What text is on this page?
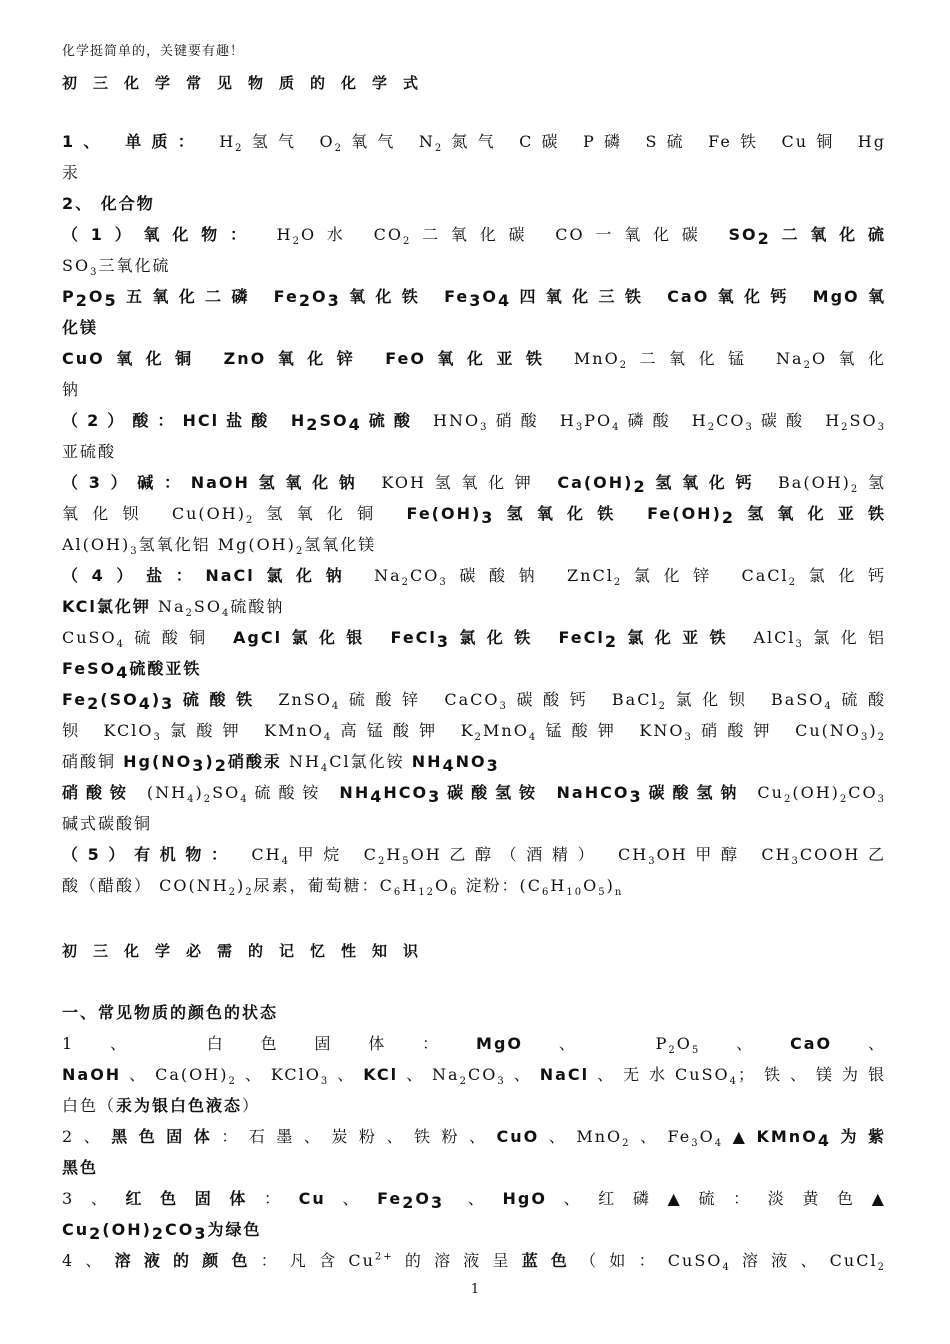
化学挺简单的，关键要有趣！
初三化学常见物质的化学式
1、 单质： $H_2$氢气 $O_2$氧气 $N_2$氮气 C碳 P磷 S硫 Fe铁 Cu铜 Hg
汞
2、 化合物
（1）氧化物： $H_2O$水 $CO_2$二氧化碳 CO一氧化碳 $SO_2$二氧化硫
$SO_3$三氧化硫
$P_2O_5$五氧化二磷 $Fe_2O_3$氧化铁 $Fe_3O_4$四氧化三铁 CaO氧化钙 MgO氧
化镁
CuO氧化铜 ZnO氧化锌 FeO氧化亚铁 MnO$_2$二氧化锰 $Na_2O$氧化
钠
（2）酸：HCl盐酸 $H_2SO_4$硫酸 $HNO_3$硝酸 $H_3PO_4$磷酸 $H_2CO_3$碳酸 $H_2SO_3$
亚硫酸
（3）碱：NaOH氢氧化钠 KOH氢氧化钾 $Ca(OH)_2$氢氧化钙 $Ba(OH)_2$氢
氧化钡 $Cu(OH)_2$氢氧化铜 $Fe(OH)_3$氢氧化铁 $Fe(OH)_2$氢氧化亚铁
$Al(OH)_3$氢氧化铝 $Mg(OH)_2$氢氧化镁
（4）盐：NaCl氯化钠 $Na_2CO_3$碳酸钠 ZnCl$_2$氯化锌 CaCl$_2$氯化钙
KCl氯化钾 $Na_2SO_4$硫酸钠
CuSO$_4$硫酸铜 AgCl氯化银 FeCl$_3$氯化铁 FeCl$_2$氯化亚铁 AlCl$_3$氯化铝
FeSO$_4$硫酸亚铁
$Fe_2(SO_4)_3$硫酸铁 ZnSO$_4$硫酸锌 CaCO$_3$碳酸钙 BaCl$_2$氯化钡 BaSO$_4$硫酸
钡 KClO$_3$氯酸钾 KMnO$_4$高锰酸钾 $K_2MnO_4$锰酸钾 $KNO_3$硝酸钾 $Cu(NO_3)_2$
硝酸铜 $Hg(NO_3)_2$硝酸汞 $NH_4Cl$氯化铵 $NH_4NO_3$
硝酸铵 $(NH_4)_2SO_4$硫酸铵 $NH_4HCO_3$碳酸氢铵 NaHCO$_3$碳酸氢钠 $Cu_2(OH)_2CO_3$
碱式碳酸铜
（5）有机物： $CH_4$甲烷 $C_2H_5OH$乙醇（酒精） $CH_3OH$甲醇 $CH_3COOH$乙
酸（醋酸） $CO(NH_2)_2$尿素，葡萄糖：$C_6H_{12}O_6$ 淀粉：$(C_6H_{10}O_5)_n$
初三化学必需的记忆性知识
一、常见物质的颜色的状态
1、 白色固体：MgO、 $P_2O_5$、CaO、
NaOH、$Ca(OH)_2$、KClO$_3$、KCl、$Na_2CO_3$、NaCl、无水CuSO$_4$；铁、镁为银
白色（汞为银白色液态）
2、黑色固体：石墨、炭粉、铁粉、CuO、MnO$_2$、$Fe_3O_4▲KMnO_4$为紫
黑色
3、红色固体：Cu、$Fe_2O_3$ 、HgO、红磷▲硫：淡黄色▲
$Cu_2(OH)_2CO_3$为绿色
4、溶液的颜色：凡含$Cu^{2+}$的溶液呈蓝色（如：CuSO$_4$溶液、CuCl$_2$
1
